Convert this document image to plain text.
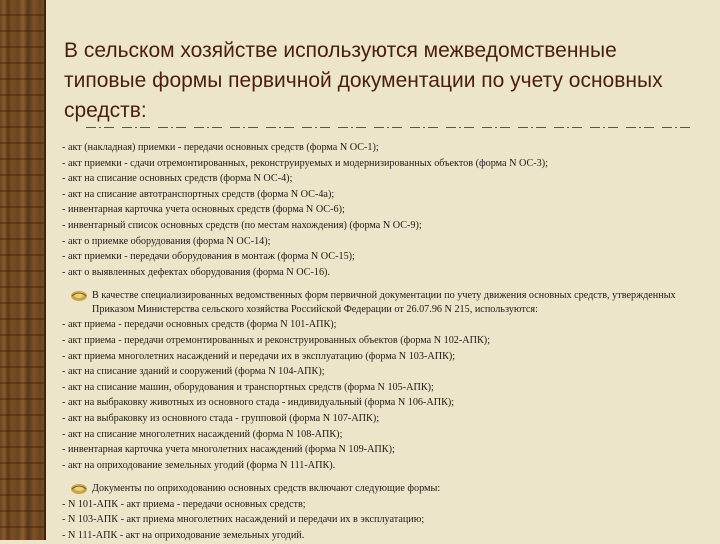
В сельском хозяйстве используются межведомственные типовые формы первичной документации по учету основных средств:
- акт (накладная) приемки - передачи основных средств (форма N ОС-1);
- акт приемки - сдачи отремонтированных, реконструируемых и модернизированных объектов (форма N ОС-3);
- акт на списание основных средств (форма N ОС-4);
- акт на списание автотранспортных средств (форма N ОС-4а);
- инвентарная карточка учета основных средств (форма N ОС-6);
- инвентарный список основных средств (по местам нахождения) (форма N ОС-9);
- акт о приемке оборудования (форма N ОС-14);
- акт приемки - передачи оборудования в монтаж (форма N ОС-15);
- акт о выявленных дефектах оборудования (форма N ОС-16).
В качестве специализированных ведомственных форм первичной документации по учету движения основных средств, утвержденных Приказом Министерства сельского хозяйства Российской Федерации от 26.07.96 N 215, используются:
- акт приема - передачи основных средств (форма N 101-АПК);
- акт приема - передачи отремонтированных и реконструированных объектов (форма N 102-АПК);
- акт приема многолетних насаждений и передачи их в эксплуатацию (форма N 103-АПК);
- акт на списание зданий и сооружений (форма N 104-АПК);
- акт на списание машин, оборудования и транспортных средств (форма N 105-АПК);
- акт на выбраковку животных из основного стада - индивидуальный (форма N 106-АПК);
- акт на выбраковку из основного стада - групповой (форма N 107-АПК);
- акт на списание многолетних насаждений (форма N 108-АПК);
- инвентарная карточка учета многолетних насаждений (форма N 109-АПК);
- акт на оприходование земельных угодий (форма N 111-АПК).
Документы по оприходованию основных средств включают следующие формы:
- N 101-АПК - акт приема - передачи основных средств;
- N 103-АПК - акт приема многолетних насаждений и передачи их в эксплуатацию;
- N 111-АПК - акт на оприходование земельных угодий.
